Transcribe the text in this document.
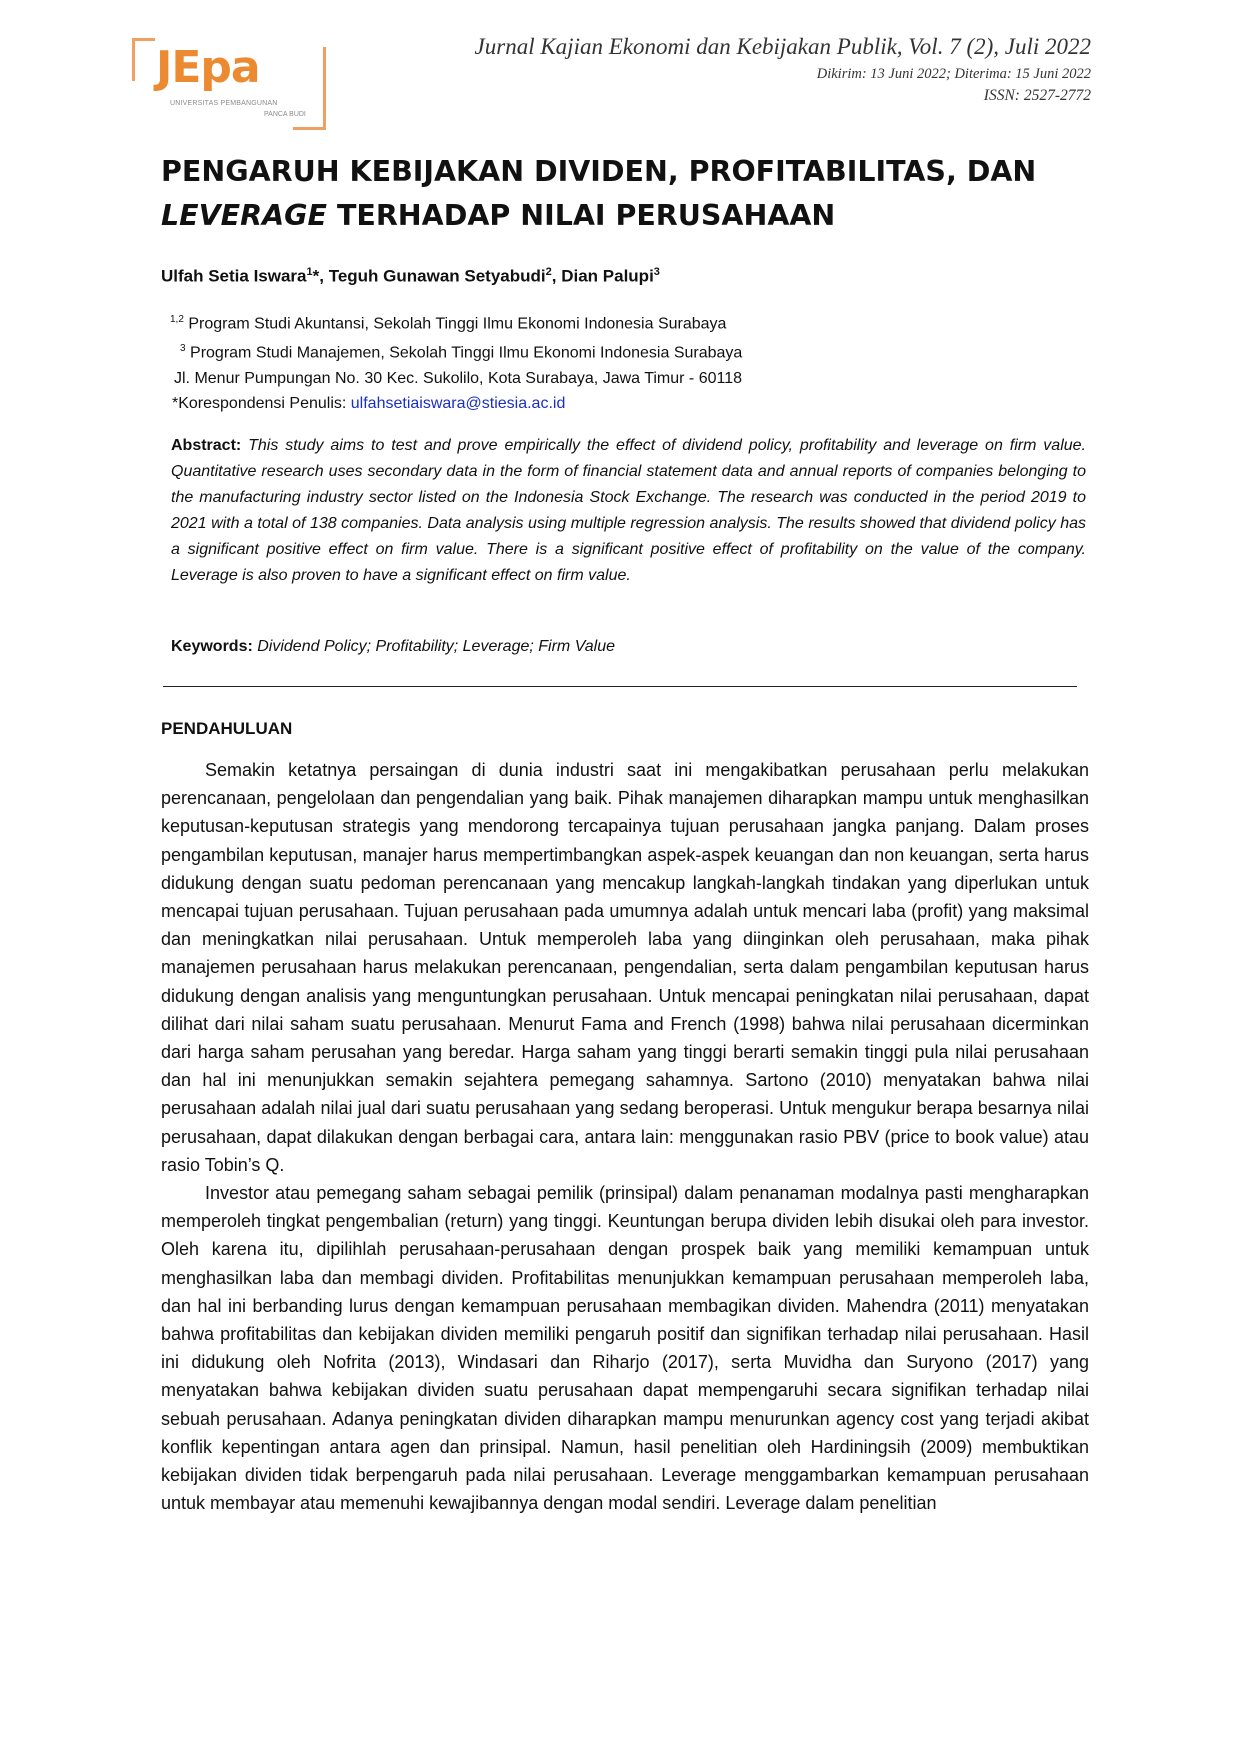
JEpa
UNIVERSITAS PEMBANGUNAN
PANCA BUDI
Jurnal Kajian Ekonomi dan Kebijakan Publik, Vol. 7 (2), Juli 2022
Dikirim: 13 Juni 2022; Diterima: 15 Juni 2022
ISSN: 2527-2772
PENGARUH KEBIJAKAN DIVIDEN, PROFITABILITAS, DAN
LEVERAGE TERHADAP NILAI PERUSAHAAN
Ulfah Setia Iswara$^1$*, Teguh Gunawan Setyabudi$^2$, Dian Palupi$^3$
$^{1,2}$ Program Studi Akuntansi, Sekolah Tinggi Ilmu Ekonomi Indonesia Surabaya
$^3$ Program Studi Manajemen, Sekolah Tinggi Ilmu Ekonomi Indonesia Surabaya
Jl. Menur Pumpungan No. 30 Kec. Sukolilo, Kota Surabaya, Jawa Timur - 60118
*Korespondensi Penulis: ulfahsetiaiswara@stiesia.ac.id
Abstract: This study aims to test and prove empirically the effect of dividend policy, profitability and leverage on firm value. Quantitative research uses secondary data in the form of financial statement data and annual reports of companies belonging to the manufacturing industry sector listed on the Indonesia Stock Exchange. The research was conducted in the period 2019 to 2021 with a total of 138 companies. Data analysis using multiple regression analysis. The results showed that dividend policy has a significant positive effect on firm value. There is a significant positive effect of profitability on the value of the company. Leverage is also proven to have a significant effect on firm value.
Keywords: Dividend Policy; Profitability; Leverage; Firm Value
PENDAHULUAN

Semakin ketatnya persaingan di dunia industri saat ini mengakibatkan perusahaan perlu melakukan perencanaan, pengelolaan dan pengendalian yang baik. Pihak manajemen diharapkan mampu untuk menghasilkan keputusan-keputusan strategis yang mendorong tercapainya tujuan perusahaan jangka panjang. Dalam proses pengambilan keputusan, manajer harus mempertimbangkan aspek-aspek keuangan dan non keuangan, serta harus didukung dengan suatu pedoman perencanaan yang mencakup langkah-langkah tindakan yang diperlukan untuk mencapai tujuan perusahaan. Tujuan perusahaan pada umumnya adalah untuk mencari laba (profit) yang maksimal dan meningkatkan nilai perusahaan. Untuk memperoleh laba yang diinginkan oleh perusahaan, maka pihak manajemen perusahaan harus melakukan perencanaan, pengendalian, serta dalam pengambilan keputusan harus didukung dengan analisis yang menguntungkan perusahaan. Untuk mencapai peningkatan nilai perusahaan, dapat dilihat dari nilai saham suatu perusahaan. Menurut Fama and French (1998) bahwa nilai perusahaan dicerminkan dari harga saham perusahan yang beredar. Harga saham yang tinggi berarti semakin tinggi pula nilai perusahaan dan hal ini menunjukkan semakin sejahtera pemegang sahamnya. Sartono (2010) menyatakan bahwa nilai perusahaan adalah nilai jual dari suatu perusahaan yang sedang beroperasi. Untuk mengukur berapa besarnya nilai perusahaan, dapat dilakukan dengan berbagai cara, antara lain: menggunakan rasio PBV (price to book value) atau rasio Tobin’s Q.

Investor atau pemegang saham sebagai pemilik (prinsipal) dalam penanaman modalnya pasti mengharapkan memperoleh tingkat pengembalian (return) yang tinggi. Keuntungan berupa dividen lebih disukai oleh para investor. Oleh karena itu, dipilihlah perusahaan-perusahaan dengan prospek baik yang memiliki kemampuan untuk menghasilkan laba dan membagi dividen. Profitabilitas menunjukkan kemampuan perusahaan memperoleh laba, dan hal ini berbanding lurus dengan kemampuan perusahaan membagikan dividen. Mahendra (2011) menyatakan bahwa profitabilitas dan kebijakan dividen memiliki pengaruh positif dan signifikan terhadap nilai perusahaan. Hasil ini didukung oleh Nofrita (2013), Windasari dan Riharjo (2017), serta Muvidha dan Suryono (2017) yang menyatakan bahwa kebijakan dividen suatu perusahaan dapat mempengaruhi secara signifikan terhadap nilai sebuah perusahaan. Adanya peningkatan dividen diharapkan mampu menurunkan agency cost yang terjadi akibat konflik kepentingan antara agen dan prinsipal. Namun, hasil penelitian oleh Hardiningsih (2009) membuktikan kebijakan dividen tidak berpengaruh pada nilai perusahaan. Leverage menggambarkan kemampuan perusahaan untuk membayar atau memenuhi kewajibannya dengan modal sendiri. Leverage dalam penelitian
